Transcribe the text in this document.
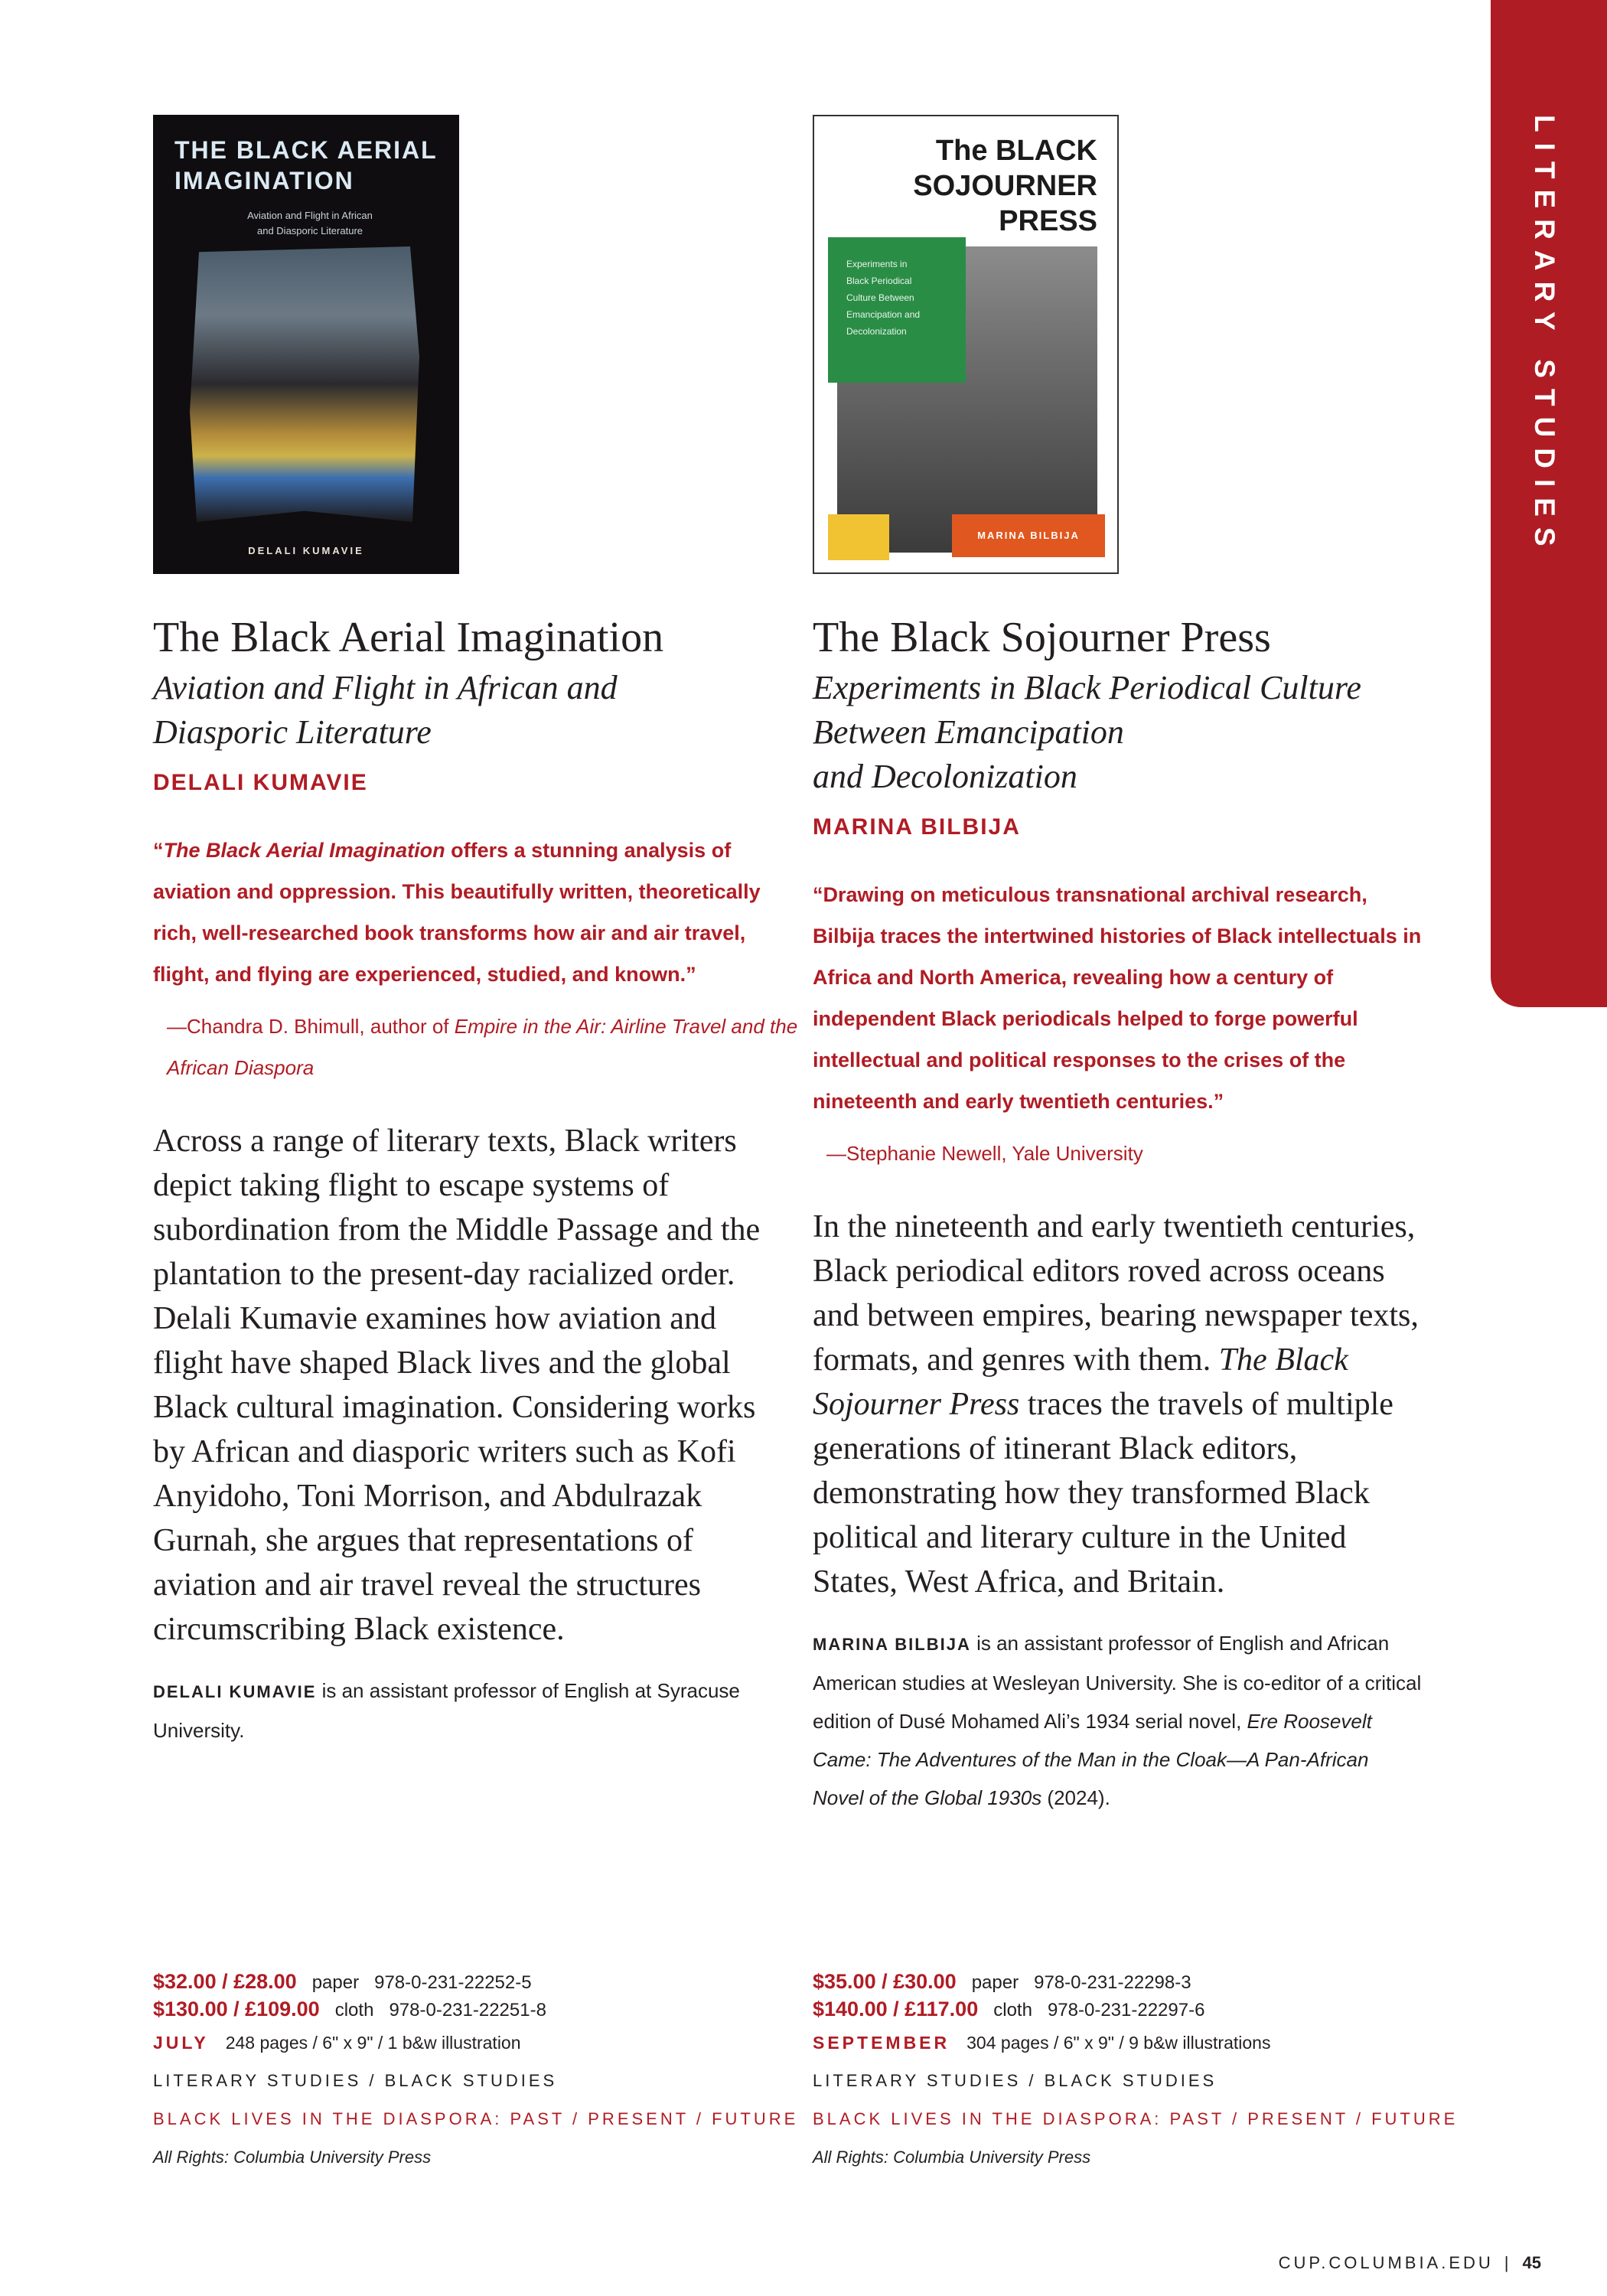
LITERARY STUDIES
THE BLACK AERIAL
IMAGINATION
Aviation and Flight in African
and Diasporic Literature
DELALI KUMAVIE
The Black Aerial Imagination
Aviation and Flight in African and
Diasporic Literature
DELALI KUMAVIE
“The Black Aerial Imagination offers a stunning analysis of aviation and oppression. This beautifully written, theoretically rich, well-researched book transforms how air and air travel, flight, and flying are experienced, studied, and known.”
—Chandra D. Bhimull, author of Empire in the Air: Airline Travel and the African Diaspora
Across a range of literary texts, Black writers depict taking flight to escape systems of subordination from the Middle Passage and the plantation to the present-day racialized order. Delali Kumavie examines how aviation and flight have shaped Black lives and the global Black cultural imagination. Considering works by African and diasporic writers such as Kofi Anyidoho, Toni Morrison, and Abdulrazak Gurnah, she argues that representations of aviation and air travel reveal the structures circumscribing Black existence.
DELALI KUMAVIE is an assistant professor of English at Syracuse University.
The BLACK
SOJOURNER
PRESS
Experiments in
Black Periodical
Culture Between
Emancipation and
Decolonization
MARINA BILBIJA
The Black Sojourner Press
Experiments in Black Periodical Culture
Between Emancipation
and Decolonization
MARINA BILBIJA
“Drawing on meticulous transnational archival research, Bilbija traces the intertwined histories of Black intellectuals in Africa and North America, revealing how a century of independent Black periodicals helped to forge powerful intellectual and political responses to the crises of the nineteenth and early twentieth centuries.”
—Stephanie Newell, Yale University
In the nineteenth and early twentieth centuries, Black periodical editors roved across oceans and between empires, bearing newspaper texts, formats, and genres with them. The Black Sojourner Press traces the travels of multiple generations of itinerant Black editors, demonstrating how they transformed Black political and literary culture in the United States, West Africa, and Britain.
MARINA BILBIJA is an assistant professor of English and African American studies at Wesleyan University. She is co-editor of a critical edition of Dusé Mohamed Ali’s 1934 serial novel, Ere Roosevelt Came: The Adventures of the Man in the Cloak—A Pan-African Novel of the Global 1930s (2024).
$32.00 / £28.00 paper 978-0-231-22252-5
$130.00 / £109.00 cloth 978-0-231-22251-8
JULY 248 pages / 6" x 9" / 1 b&w illustration
LITERARY STUDIES / BLACK STUDIES
BLACK LIVES IN THE DIASPORA: PAST / PRESENT / FUTURE
All Rights: Columbia University Press
$35.00 / £30.00 paper 978-0-231-22298-3
$140.00 / £117.00 cloth 978-0-231-22297-6
SEPTEMBER 304 pages / 6" x 9" / 9 b&w illustrations
LITERARY STUDIES / BLACK STUDIES
BLACK LIVES IN THE DIASPORA: PAST / PRESENT / FUTURE
All Rights: Columbia University Press
CUP.COLUMBIA.EDU | 45
